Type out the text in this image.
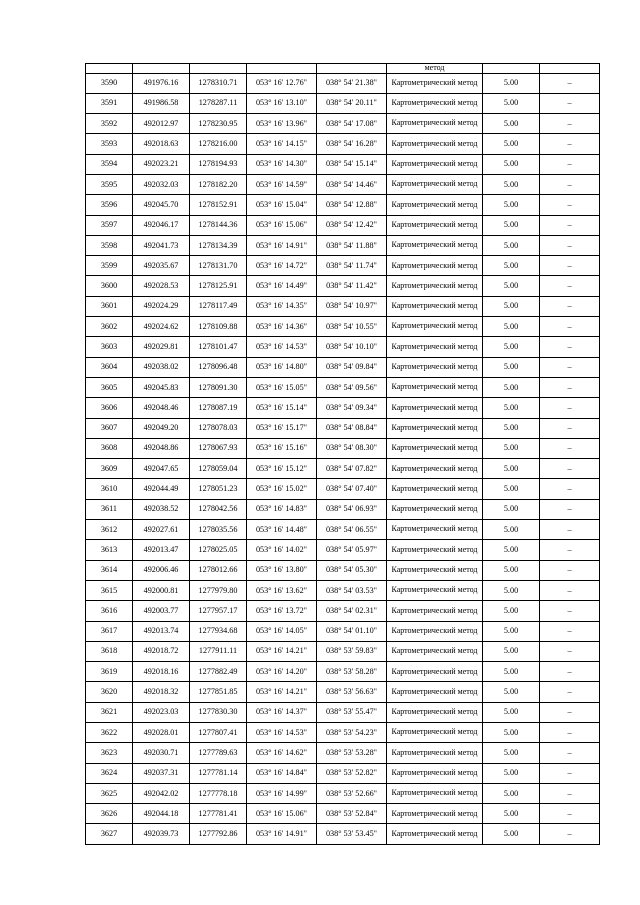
					метод		
3590	491976.16	1278310.71	053° 16' 12.76"	038° 54' 21.38"	Картометрический метод	5.00	–
3591	491986.58	1278287.11	053° 16' 13.10"	038° 54' 20.11"	Картометрический метод	5.00	–
3592	492012.97	1278230.95	053° 16' 13.96"	038° 54' 17.08"	Картометрический метод	5.00	–
3593	492018.63	1278216.00	053° 16' 14.15"	038° 54' 16.28"	Картометрический метод	5.00	–
3594	492023.21	1278194.93	053° 16' 14.30"	038° 54' 15.14"	Картометрический метод	5.00	–
3595	492032.03	1278182.20	053° 16' 14.59"	038° 54' 14.46"	Картометрический метод	5.00	–
3596	492045.70	1278152.91	053° 16' 15.04"	038° 54' 12.88"	Картометрический метод	5.00	–
3597	492046.17	1278144.36	053° 16' 15.06"	038° 54' 12.42"	Картометрический метод	5.00	–
3598	492041.73	1278134.39	053° 16' 14.91"	038° 54' 11.88"	Картометрический метод	5.00	–
3599	492035.67	1278131.70	053° 16' 14.72"	038° 54' 11.74"	Картометрический метод	5.00	–
3600	492028.53	1278125.91	053° 16' 14.49"	038° 54' 11.42"	Картометрический метод	5.00	–
3601	492024.29	1278117.49	053° 16' 14.35"	038° 54' 10.97"	Картометрический метод	5.00	–
3602	492024.62	1278109.88	053° 16' 14.36"	038° 54' 10.55"	Картометрический метод	5.00	–
3603	492029.81	1278101.47	053° 16' 14.53"	038° 54' 10.10"	Картометрический метод	5.00	–
3604	492038.02	1278096.48	053° 16' 14.80"	038° 54' 09.84"	Картометрический метод	5.00	–
3605	492045.83	1278091.30	053° 16' 15.05"	038° 54' 09.56"	Картометрический метод	5.00	–
3606	492048.46	1278087.19	053° 16' 15.14"	038° 54' 09.34"	Картометрический метод	5.00	–
3607	492049.20	1278078.03	053° 16' 15.17"	038° 54' 08.84"	Картометрический метод	5.00	–
3608	492048.86	1278067.93	053° 16' 15.16"	038° 54' 08.30"	Картометрический метод	5.00	–
3609	492047.65	1278059.04	053° 16' 15.12"	038° 54' 07.82"	Картометрический метод	5.00	–
3610	492044.49	1278051.23	053° 16' 15.02"	038° 54' 07.40"	Картометрический метод	5.00	–
3611	492038.52	1278042.56	053° 16' 14.83"	038° 54' 06.93"	Картометрический метод	5.00	–
3612	492027.61	1278035.56	053° 16' 14.48"	038° 54' 06.55"	Картометрический метод	5.00	–
3613	492013.47	1278025.05	053° 16' 14.02"	038° 54' 05.97"	Картометрический метод	5.00	–
3614	492006.46	1278012.66	053° 16' 13.80"	038° 54' 05.30"	Картометрический метод	5.00	–
3615	492000.81	1277979.80	053° 16' 13.62"	038° 54' 03.53"	Картометрический метод	5.00	–
3616	492003.77	1277957.17	053° 16' 13.72"	038° 54' 02.31"	Картометрический метод	5.00	–
3617	492013.74	1277934.68	053° 16' 14.05"	038° 54' 01.10"	Картометрический метод	5.00	–
3618	492018.72	1277911.11	053° 16' 14.21"	038° 53' 59.83"	Картометрический метод	5.00	–
3619	492018.16	1277882.49	053° 16' 14.20"	038° 53' 58.28"	Картометрический метод	5.00	–
3620	492018.32	1277851.85	053° 16' 14.21"	038° 53' 56.63"	Картометрический метод	5.00	–
3621	492023.03	1277830.30	053° 16' 14.37"	038° 53' 55.47"	Картометрический метод	5.00	–
3622	492028.01	1277807.41	053° 16' 14.53"	038° 53' 54.23"	Картометрический метод	5.00	–
3623	492030.71	1277789.63	053° 16' 14.62"	038° 53' 53.28"	Картометрический метод	5.00	–
3624	492037.31	1277781.14	053° 16' 14.84"	038° 53' 52.82"	Картометрический метод	5.00	–
3625	492042.02	1277778.18	053° 16' 14.99"	038° 53' 52.66"	Картометрический метод	5.00	–
3626	492044.18	1277781.41	053° 16' 15.06"	038° 53' 52.84"	Картометрический метод	5.00	–
3627	492039.73	1277792.86	053° 16' 14.91"	038° 53' 53.45"	Картометрический метод	5.00	–
